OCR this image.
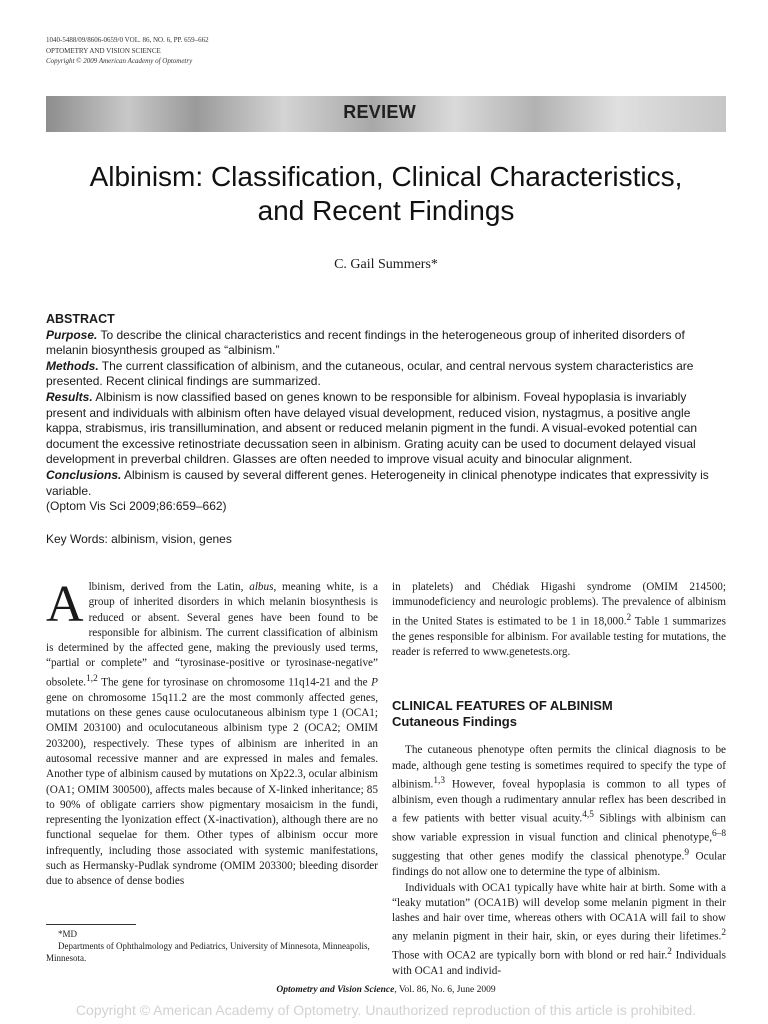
1040-5488/09/8606-0659/0 VOL. 86, NO. 6, PP. 659–662
OPTOMETRY AND VISION SCIENCE
Copyright © 2009 American Academy of Optometry
REVIEW
Albinism: Classification, Clinical Characteristics,
and Recent Findings
C. Gail Summers*
ABSTRACT

Purpose. To describe the clinical characteristics and recent findings in the heterogeneous group of inherited disorders of melanin biosynthesis grouped as “albinism.”

Methods. The current classification of albinism, and the cutaneous, ocular, and central nervous system characteristics are presented. Recent clinical findings are summarized.

Results. Albinism is now classified based on genes known to be responsible for albinism. Foveal hypoplasia is invariably present and individuals with albinism often have delayed visual development, reduced vision, nystagmus, a positive angle kappa, strabismus, iris transillumination, and absent or reduced melanin pigment in the fundi. A visual-evoked potential can document the excessive retinostriate decussation seen in albinism. Grating acuity can be used to document delayed visual development in preverbal children. Glasses are often needed to improve visual acuity and binocular alignment.

Conclusions. Albinism is caused by several different genes. Heterogeneity in clinical phenotype indicates that expressivity is variable.

(Optom Vis Sci 2009;86:659–662)

Key Words: albinism, vision, genes

Albinism, derived from the Latin, albus, meaning white, is a group of inherited disorders in which melanin biosynthesis is reduced or absent. Several genes have been found to be responsible for albinism. The current classification of albinism is determined by the affected gene, making the previously used terms, “partial or complete” and “tyrosinase-positive or tyrosinase-negative” obsolete.$^{1,2}$ The gene for tyrosinase on chromosome 11q14-21 and the P gene on chromosome 15q11.2 are the most commonly affected genes, mutations on these genes cause oculocutaneous albinism type 1 (OCA1; OMIM 203100) and oculocutaneous albinism type 2 (OCA2; OMIM 203200), respectively. These types of albinism are inherited in an autosomal recessive manner and are expressed in males and females. Another type of albinism caused by mutations on Xp22.3, ocular albinism (OA1; OMIM 300500), affects males because of X-linked inheritance; 85 to 90% of obligate carriers show pigmentary mosaicism in the fundi, representing the lyonization effect (X-inactivation), although there are no functional sequelae for them. Other types of albinism occur more infrequently, including those associated with systemic manifestations, such as Hermansky-Pudlak syndrome (OMIM 203300; bleeding disorder due to absence of dense bodies

in platelets) and Chédiak Higashi syndrome (OMIM 214500; immunodeficiency and neurologic problems). The prevalence of albinism in the United States is estimated to be 1 in 18,000.$^2$ Table 1 summarizes the genes responsible for albinism. For available testing for mutations, the reader is referred to www.genetests.org.

CLINICAL FEATURES OF ALBINISM
Cutaneous Findings

The cutaneous phenotype often permits the clinical diagnosis to be made, although gene testing is sometimes required to specify the type of albinism.$^{1,3}$ However, foveal hypoplasia is common to all types of albinism, even though a rudimentary annular reflex has been described in a few patients with better visual acuity.$^{4,5}$ Siblings with albinism can show variable expression in visual function and clinical phenotype,$^{6-8}$ suggesting that other genes modify the classical phenotype.$^9$ Ocular findings do not allow one to determine the type of albinism.

Individuals with OCA1 typically have white hair at birth. Some with a “leaky mutation” (OCA1B) will develop some melanin pigment in their lashes and hair over time, whereas others with OCA1A will fail to show any melanin pigment in their hair, skin, or eyes during their lifetimes.$^2$ Those with OCA2 are typically born with blond or red hair.$^2$ Individuals with OCA1 and individ-

*MD
Departments of Ophthalmology and Pediatrics, University of Minnesota, Minneapolis, Minnesota.
Optometry and Vision Science, Vol. 86, No. 6, June 2009
Copyright © American Academy of Optometry. Unauthorized reproduction of this article is prohibited.
